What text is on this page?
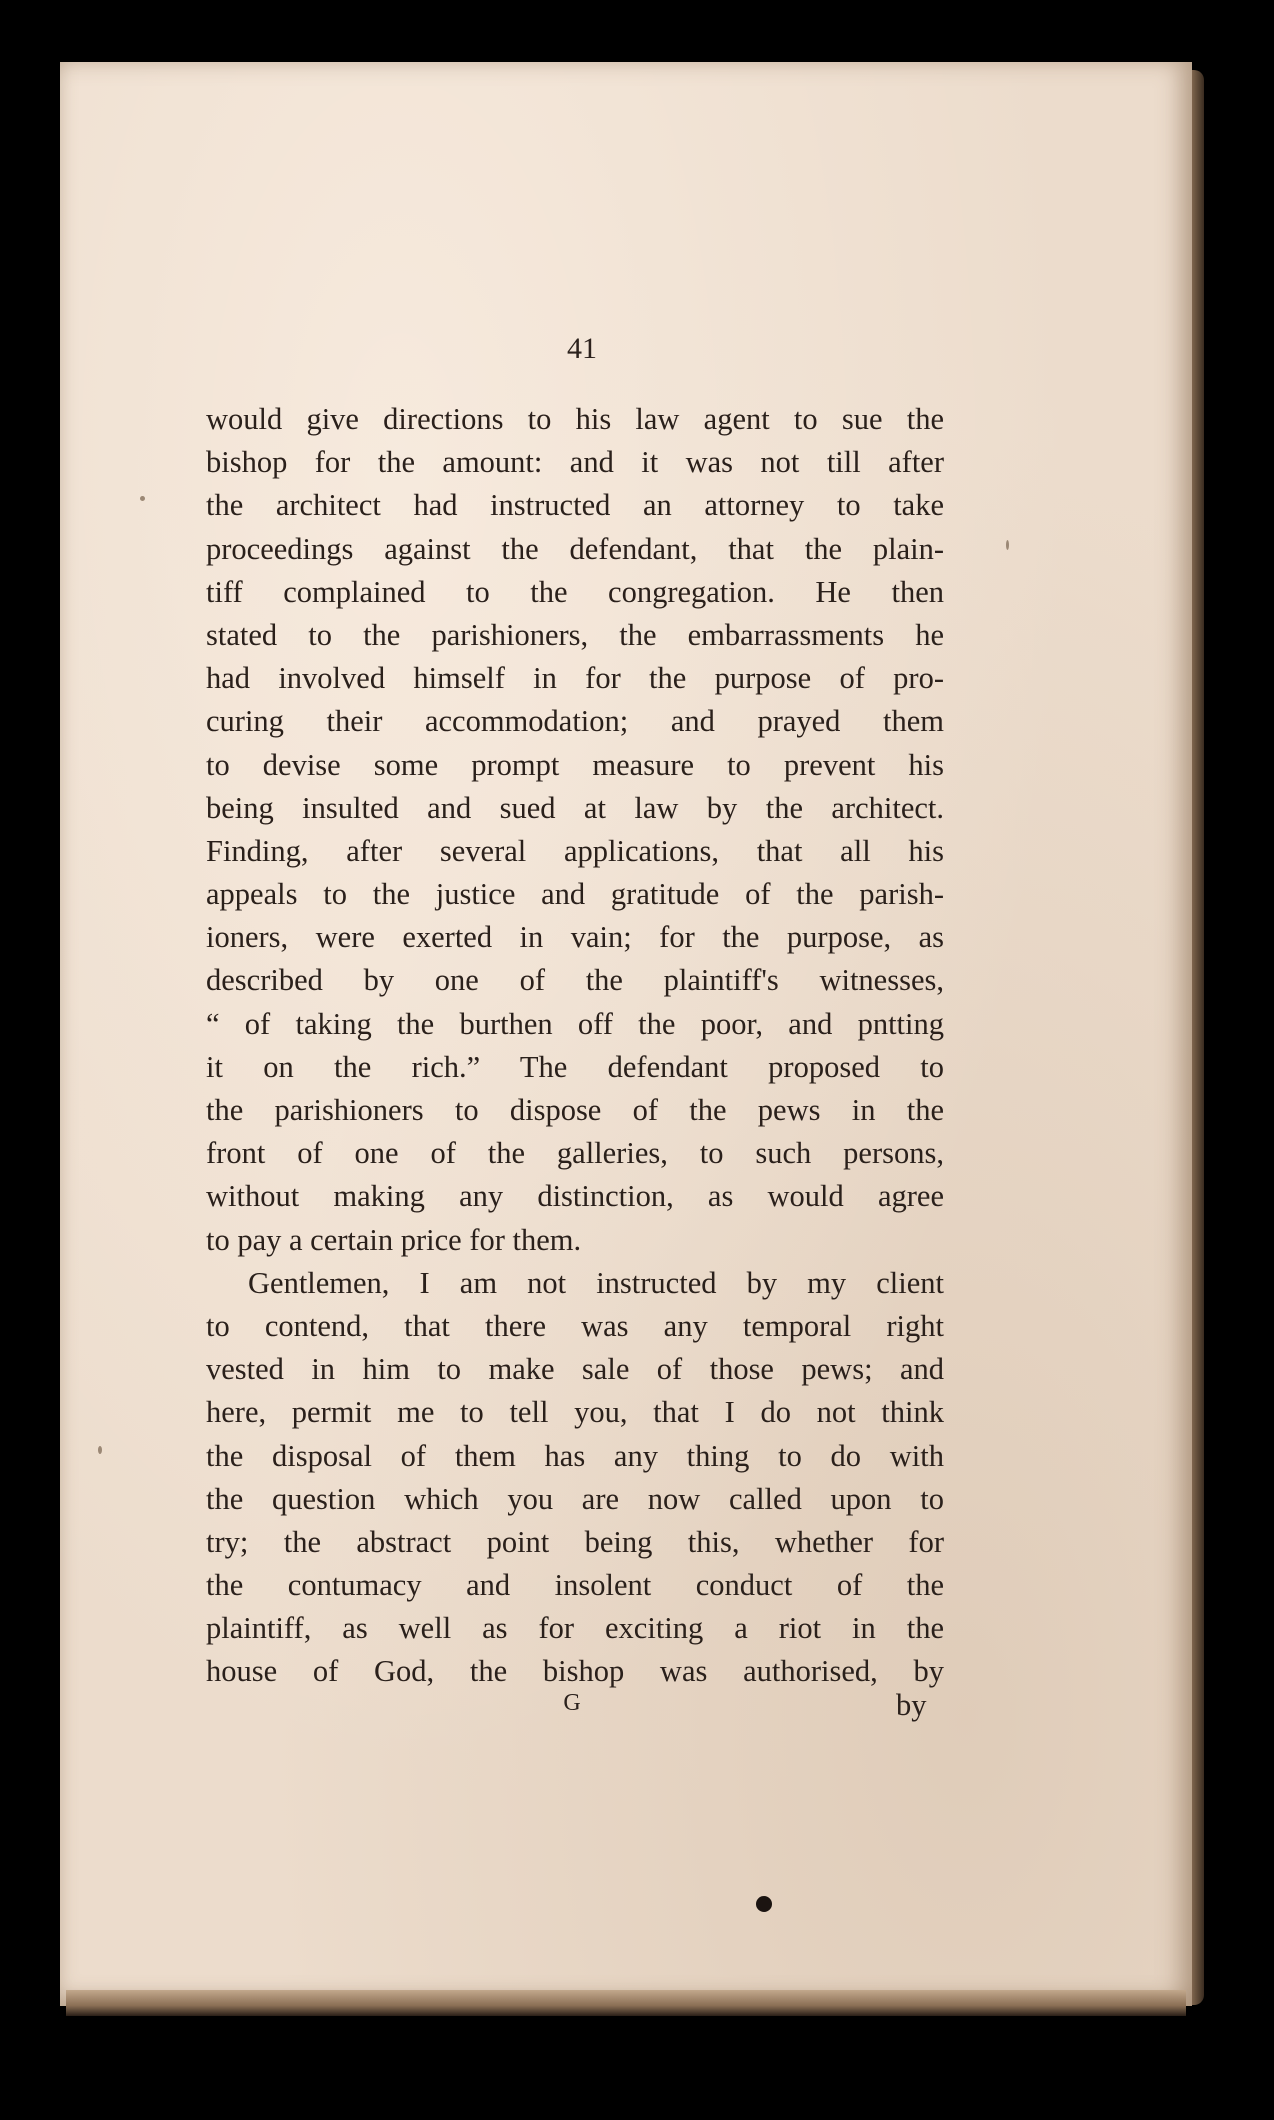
41
would give directions to his law agent to sue the
bishop for the amount: and it was not till after
the architect had instructed an attorney to take
proceedings against the defendant, that the plain-
tiff complained to the congregation. He then
stated to the parishioners, the embarrassments he
had involved himself in for the purpose of pro-
curing their accommodation; and prayed them
to devise some prompt measure to prevent his
being insulted and sued at law by the architect.
Finding, after several applications, that all his
appeals to the justice and gratitude of the parish-
ioners, were exerted in vain; for the purpose, as
described by one of the plaintiff's witnesses,
“ of taking the burthen off the poor, and pntting
it on the rich.” The defendant proposed to
the parishioners to dispose of the pews in the
front of one of the galleries, to such persons,
without making any distinction, as would agree
to pay a certain price for them.
Gentlemen, I am not instructed by my client
to contend, that there was any temporal right
vested in him to make sale of those pews; and
here, permit me to tell you, that I do not think
the disposal of them has any thing to do with
the question which you are now called upon to
try; the abstract point being this, whether for
the contumacy and insolent conduct of the
plaintiff, as well as for exciting a riot in the
house of God, the bishop was authorised, by
G	by
